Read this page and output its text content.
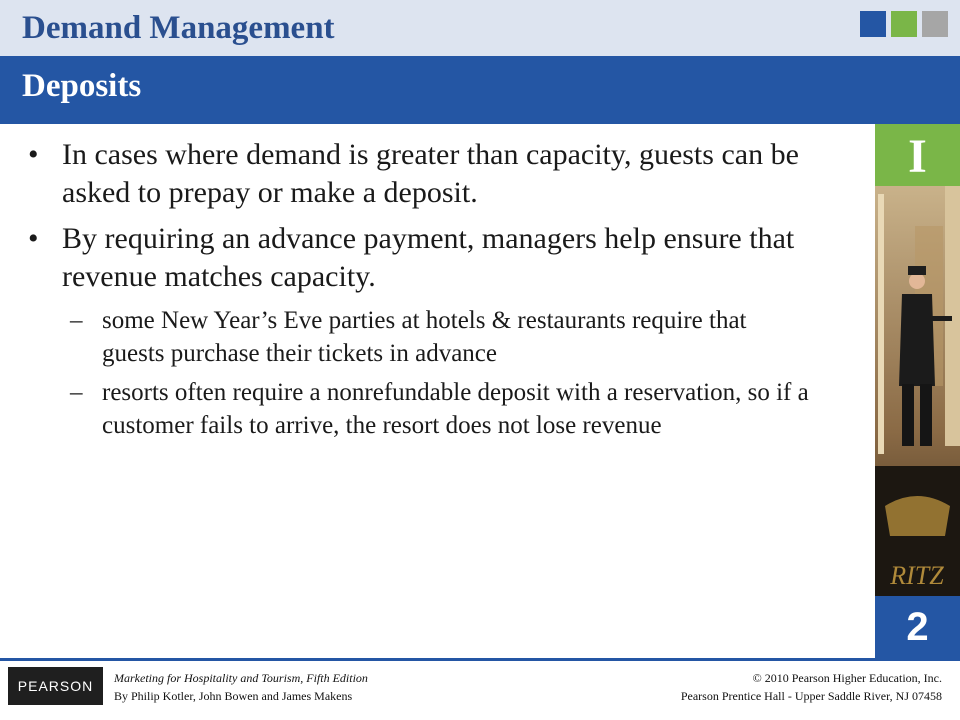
Demand Management
Deposits
I
RITZ
2
• In cases where demand is greater than capacity, guests can be asked to prepay or make a deposit.
• By requiring an advance payment, managers help ensure that revenue matches capacity.
– some New Year’s Eve parties at hotels & restaurants require that guests purchase their tickets in advance
– resorts often require a nonrefundable deposit with a reservation, so if a customer fails to arrive, the resort does not lose revenue
PEARSON	Marketing for Hospitality and Tourism, Fifth Edition
By Philip Kotler, John Bowen and James Makens
© 2010 Pearson Higher Education, Inc.
Pearson Prentice Hall - Upper Saddle River, NJ 07458
